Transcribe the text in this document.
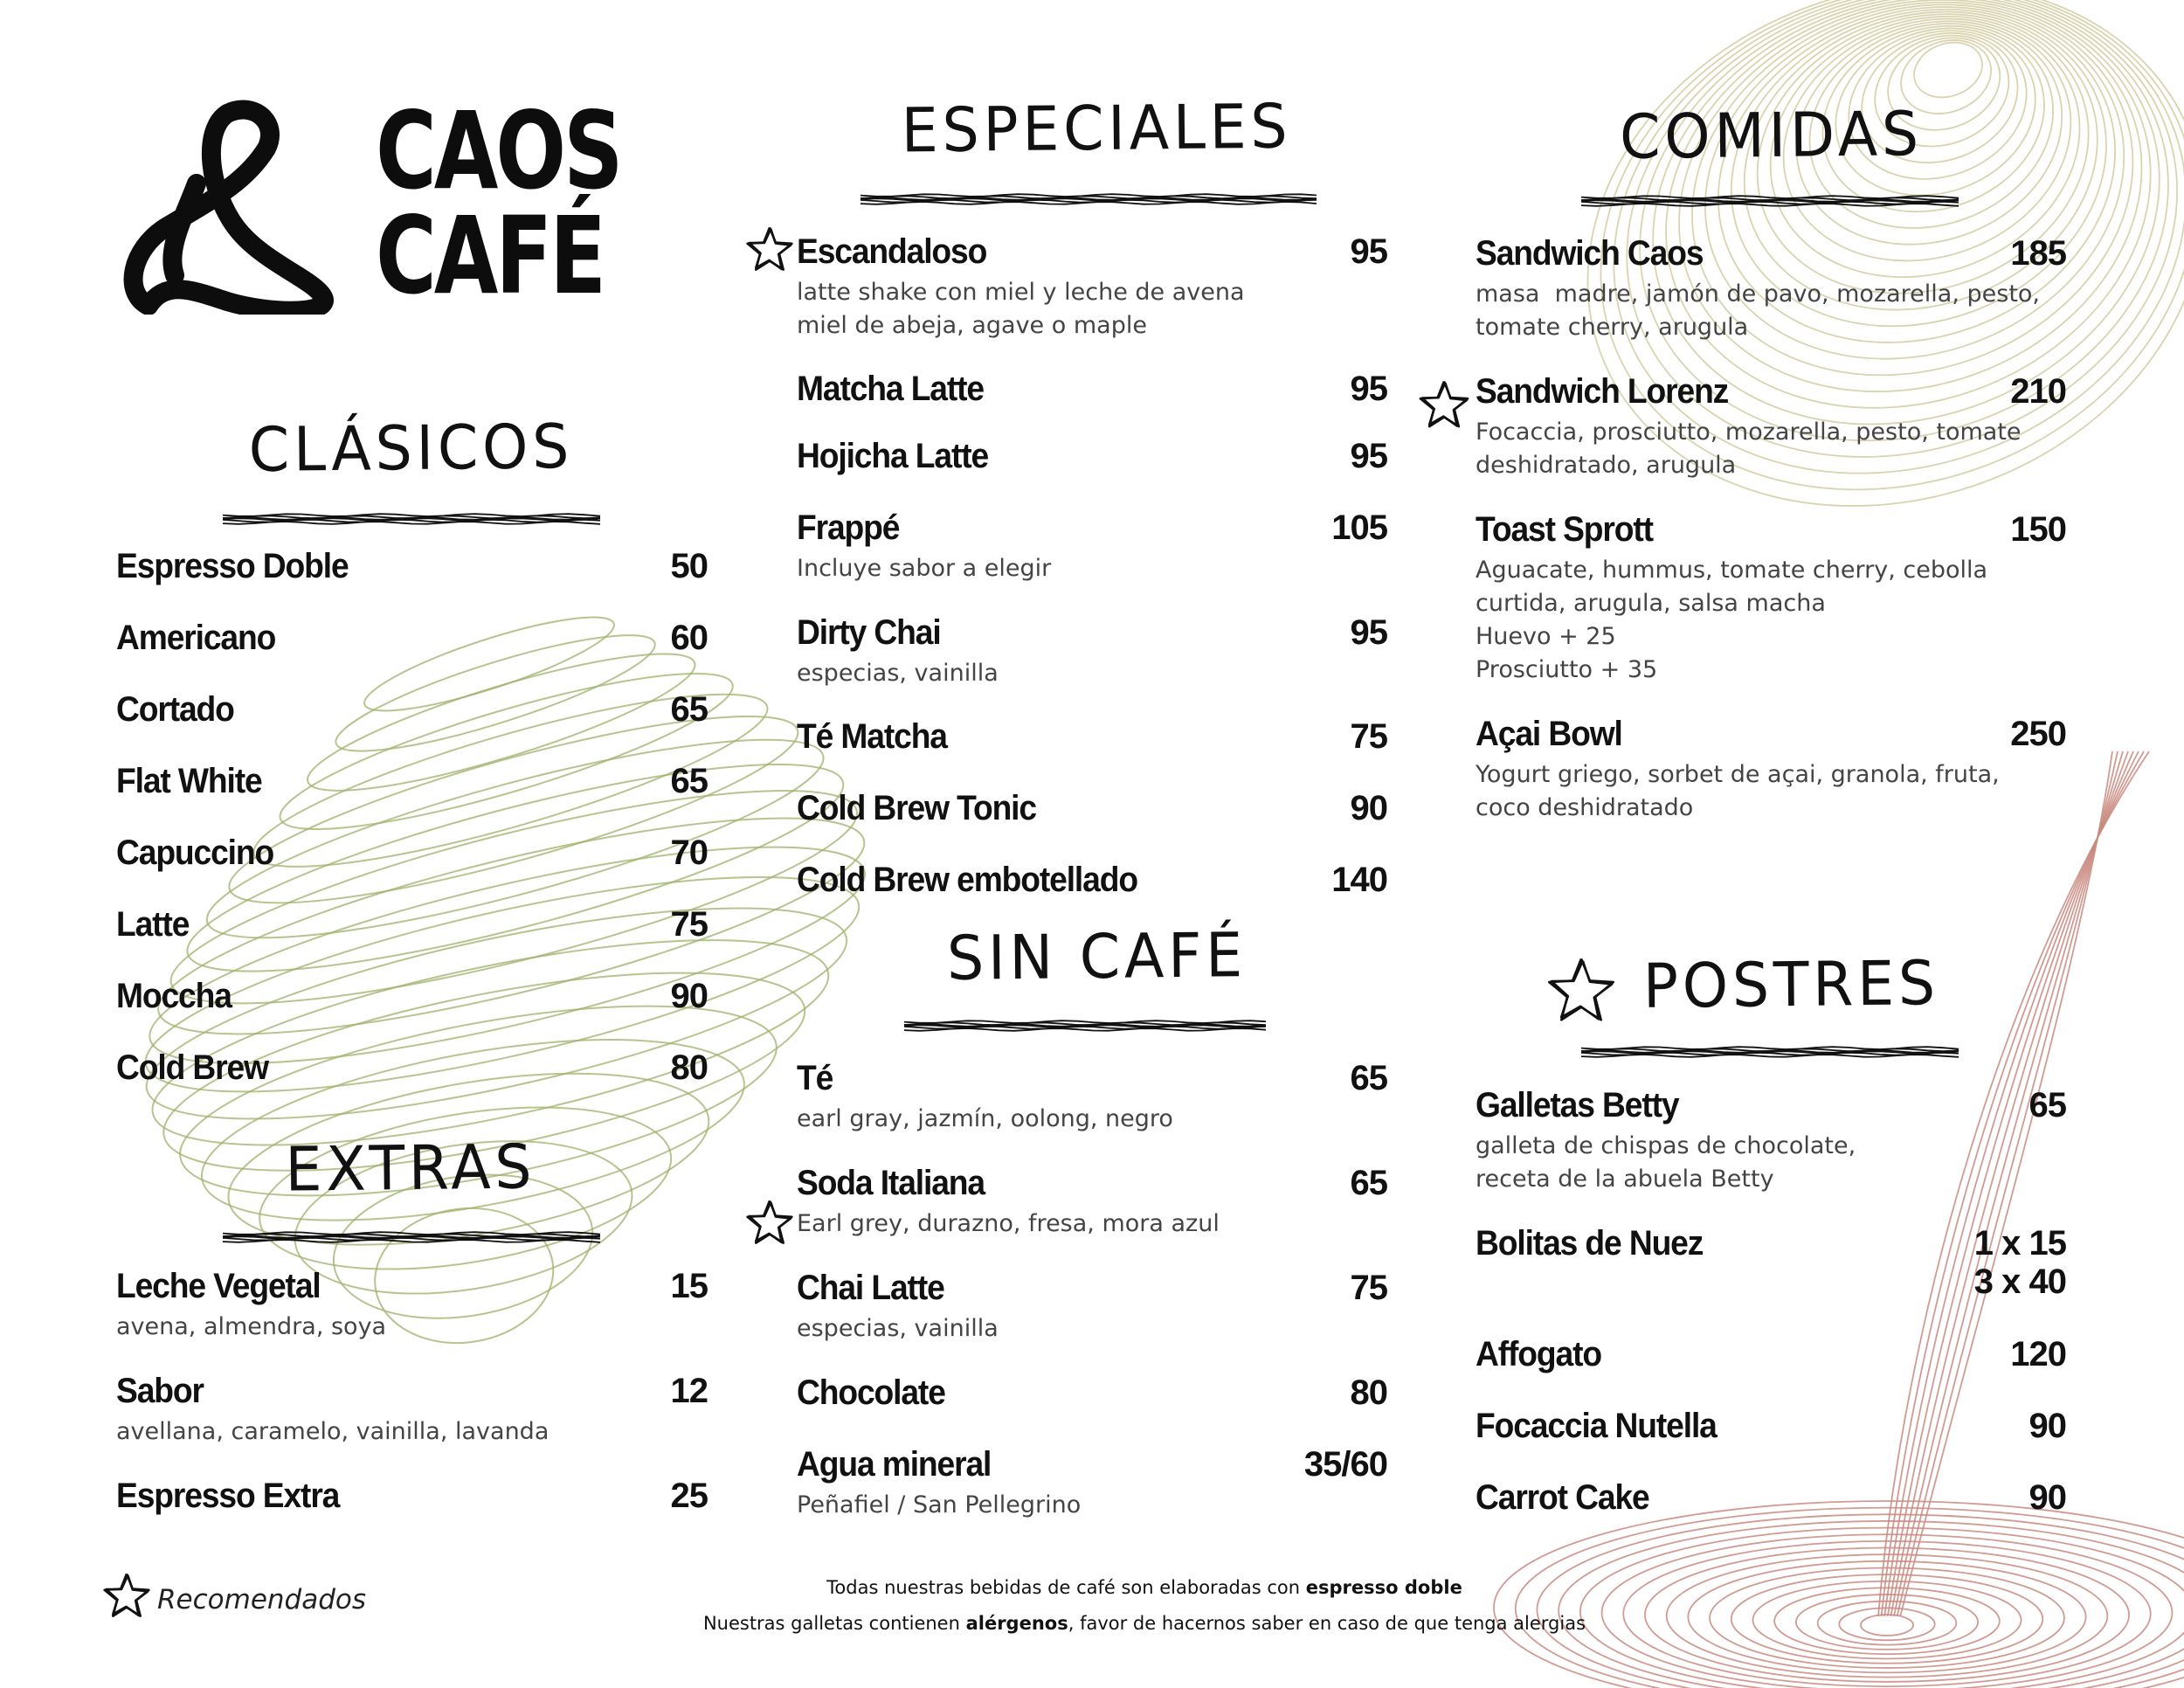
CAOS
CAFÉ
CLÁSICOS
EXTRAS
ESPECIALES
SIN CAFÉ
COMIDAS
POSTRES
Espresso Doble	50
Americano	60
Cortado	65
Flat White	65
Capuccino	70
Latte	75
Moccha	90
Cold Brew	80
Leche Vegetal	15
avena, almendra, soya
Sabor	12
avellana, caramelo, vainilla, lavanda
Espresso Extra	25
Escandaloso	95
latte shake con miel y leche de avena
miel de abeja, agave o maple
Matcha Latte	95
Hojicha Latte	95
Frappé	105
Incluye sabor a elegir
Dirty Chai	95
especias, vainilla
Té Matcha	75
Cold Brew Tonic	90
Cold Brew embotellado	140
Té	65
earl gray, jazmín, oolong, negro
Soda Italiana	65
Earl grey, durazno, fresa, mora azul
Chai Latte	75
especias, vainilla
Chocolate	80
Agua mineral	35/60
Peñafiel / San Pellegrino
Sandwich Caos	185
masa  madre, jamón de pavo, mozarella, pesto,
tomate cherry, arugula
Sandwich Lorenz	210
Focaccia, prosciutto, mozarella, pesto, tomate
deshidratado, arugula
Toast Sprott	150
Aguacate, hummus, tomate cherry, cebolla
curtida, arugula, salsa macha
Huevo + 25
Prosciutto + 35
Açai Bowl	250
Yogurt griego, sorbet de açai, granola, fruta,
coco deshidratado
Galletas Betty	65
galleta de chispas de chocolate,
receta de la abuela Betty
Bolitas de Nuez	1 x 15
3 x 40
Affogato	120
Focaccia Nutella	90
Carrot Cake	90
Recomendados	Todas nuestras bebidas de café son elaboradas con espresso doble
Nuestras galletas contienen alérgenos, favor de hacernos saber en caso de que tenga alergias
